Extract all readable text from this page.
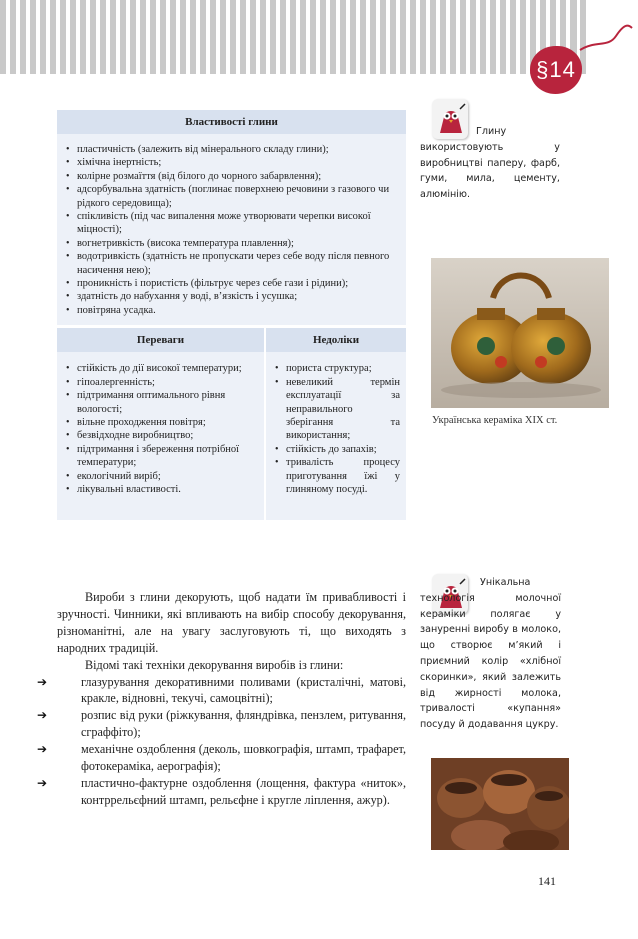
§14
Властивості глини
• пластичність (залежить від мінерального складу глини);
• хімічна інертність;
• колірне розмаїття (від білого до чорного забарвлення);
• адсорбувальна здатність (поглинає поверхнею речовини з газового чи рідкого середовища);
• спікливість (під час випалення може утворювати черепки високої міцності);
• вогнетривкість (висока температура плавлення);
• водотривкість (здатність не пропускати через себе воду після певного насичення нею);
• проникність і пористість (фільтрує через себе гази і рідини);
• здатність до набухання у воді, в’язкість і усушка;
• повітряна усадка.
Переваги
• стійкість до дії високої температури;
• гіпоалергенність;
• підтримання оптимального рівня вологості;
• вільне проходження повітря;
• безвідходне виробництво;
• підтримання і збереження потрібної температури;
• екологічний виріб;
• лікувальні властивості.
Недоліки
• пориста структура;
• невеликий термін експлуатації за неправильного зберігання та використання;
• стійкість до запахів;
• тривалість процесу приготування їжі у глиняному посуді.

Вироби з глини декорують, щоб надати їм привабливості і зручності. Чинники, які впливають на вибір способу декорування, різноманітні, але на увагу заслуговують ті, що виходять з народних традицій.

Відомі такі техніки декорування виробів із глини:

➔	глазурування декоративними поливами (кристалічні, матові, кракле, відновні, текучі, самоцвітні);
➔	розпис від руки (ріжкування, фляндрівка, пензлем, ритування, сграффіто);
➔	механічне оздоблення (деколь, шовкографія, штамп, трафарет, фотокераміка, аерографія);
➔	пластично-фактурне оздоблення (лощення, фактура «ниток», контррельєфний штамп, рельєфне і кругле ліплення, ажур).
Глину використовують у виробництві паперу, фарб, гуми, мила, цементу, алюмінію.
Українська кераміка XIX ст.
Унікальна технологія молочної кераміки полягає у зануренні виробу в молоко, що створює м’який і приємний колір «хлібної скоринки», який залежить від жирності молока, тривалості «купання» посуду й додавання цукру.
141
